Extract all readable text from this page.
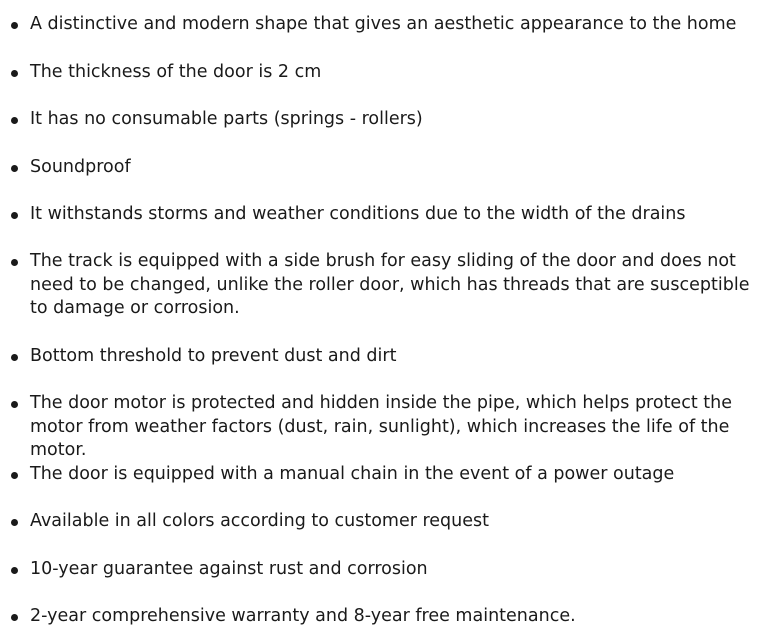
A distinctive and modern shape that gives an aesthetic appearance to the home
The thickness of the door is 2 cm
It has no consumable parts (springs - rollers)
Soundproof
It withstands storms and weather conditions due to the width of the drains
The track is equipped with a side brush for easy sliding of the door and does not need to be changed, unlike the roller door, which has threads that are susceptible to damage or corrosion.
Bottom threshold to prevent dust and dirt
The door motor is protected and hidden inside the pipe, which helps protect the motor from weather factors (dust, rain, sunlight), which increases the life of the motor.
The door is equipped with a manual chain in the event of a power outage
Available in all colors according to customer request
10-year guarantee against rust and corrosion
2-year comprehensive warranty and 8-year free maintenance.
